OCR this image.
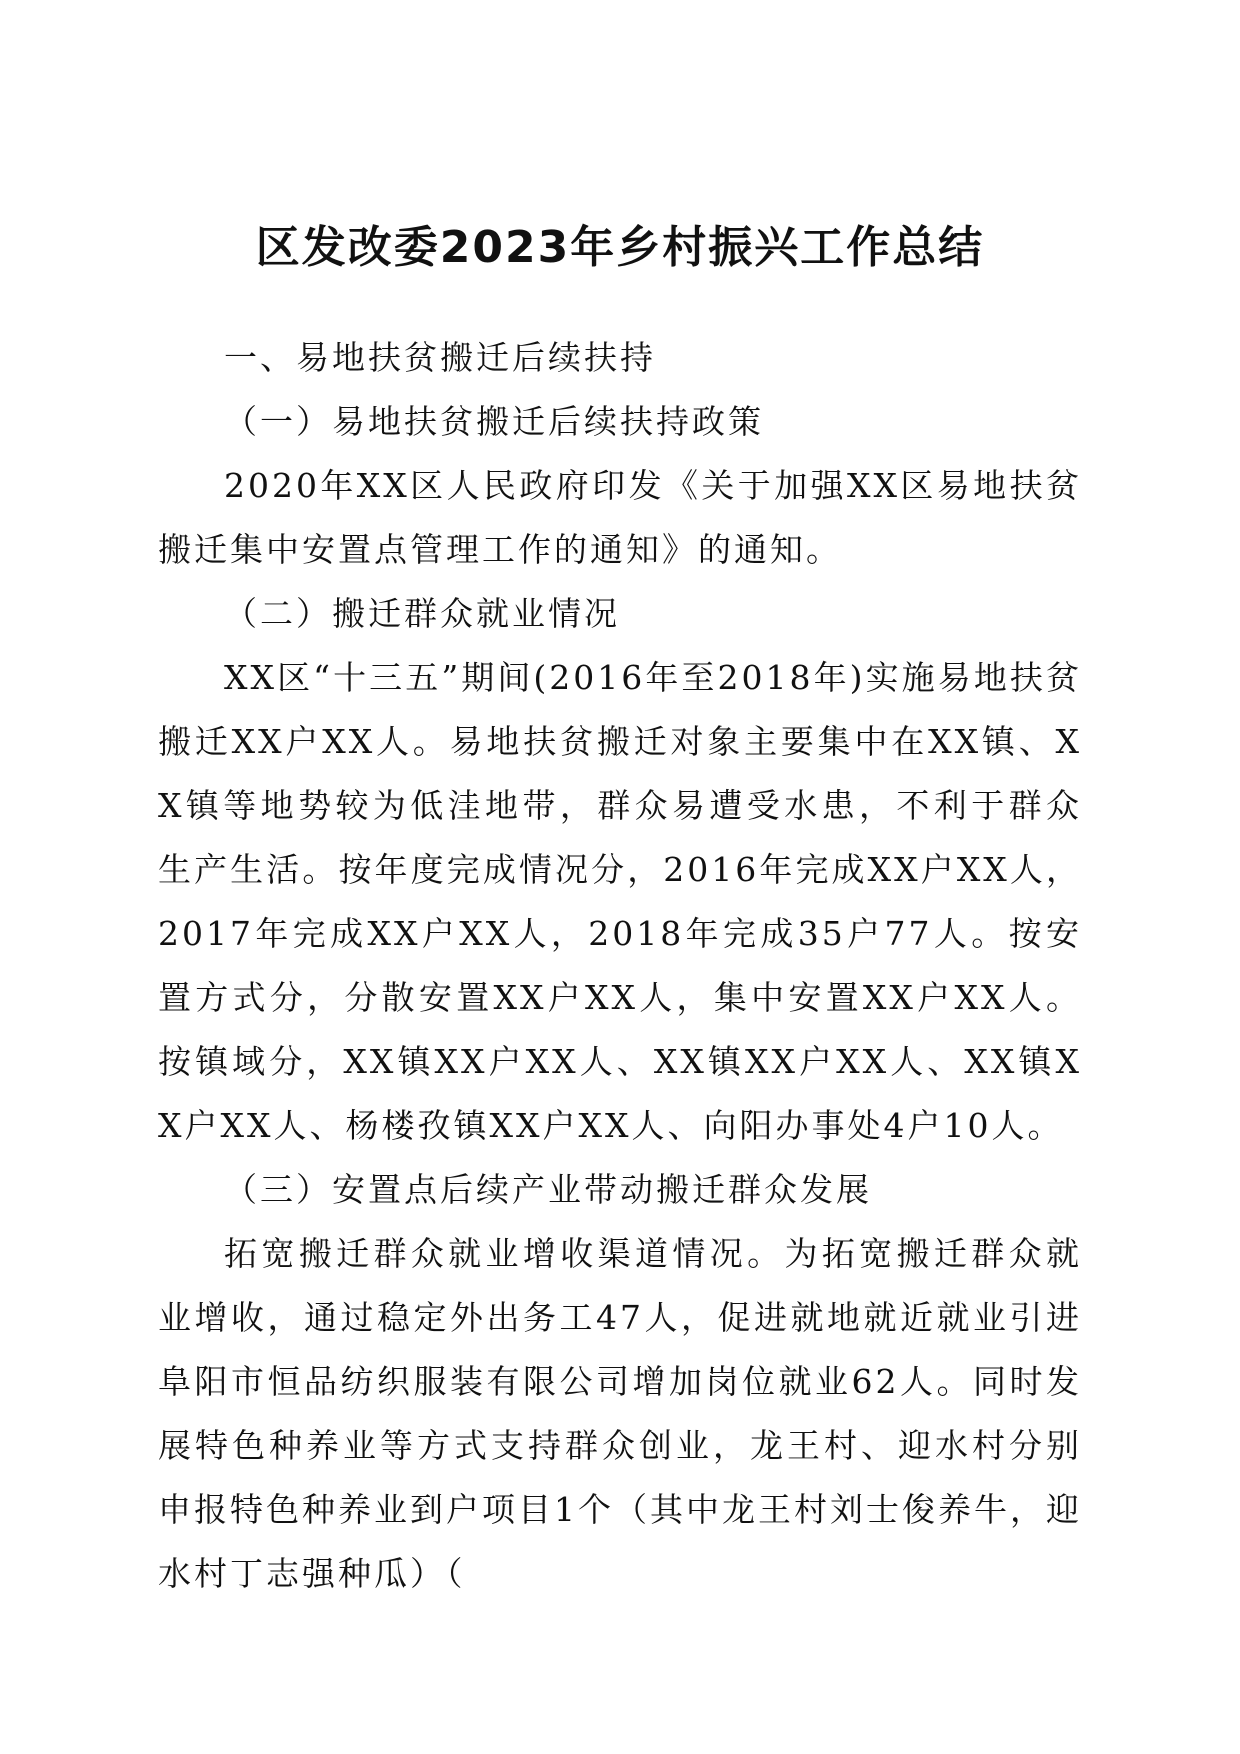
区发改委2023年乡村振兴工作总结

一、易地扶贫搬迁后续扶持

（一）易地扶贫搬迁后续扶持政策

2020年XX区人民政府印发《关于加强XX区易地扶贫搬迁集中安置点管理工作的通知》的通知。

（二）搬迁群众就业情况

XX区“十三五”期间(2016年至2018年)实施易地扶贫搬迁XX户XX人。易地扶贫搬迁对象主要集中在XX镇、XX镇等地势较为低洼地带，群众易遭受水患，不利于群众生产生活。按年度完成情况分，2016年完成XX户XX人，2017年完成XX户XX人，2018年完成35户77人。按安置方式分，分散安置XX户XX人，集中安置XX户XX人。按镇域分，XX镇XX户XX人、XX镇XX户XX人、XX镇XX户XX人、杨楼孜镇XX户XX人、向阳办事处4户10人。

（三）安置点后续产业带动搬迁群众发展

拓宽搬迁群众就业增收渠道情况。为拓宽搬迁群众就业增收，通过稳定外出务工47人，促进就地就近就业引进阜阳市恒品纺织服装有限公司增加岗位就业62人。同时发展特色种养业等方式支持群众创业，龙王村、迎水村分别申报特色种养业到户项目1个（其中龙王村刘士俊养牛，迎水村丁志强种瓜）（
